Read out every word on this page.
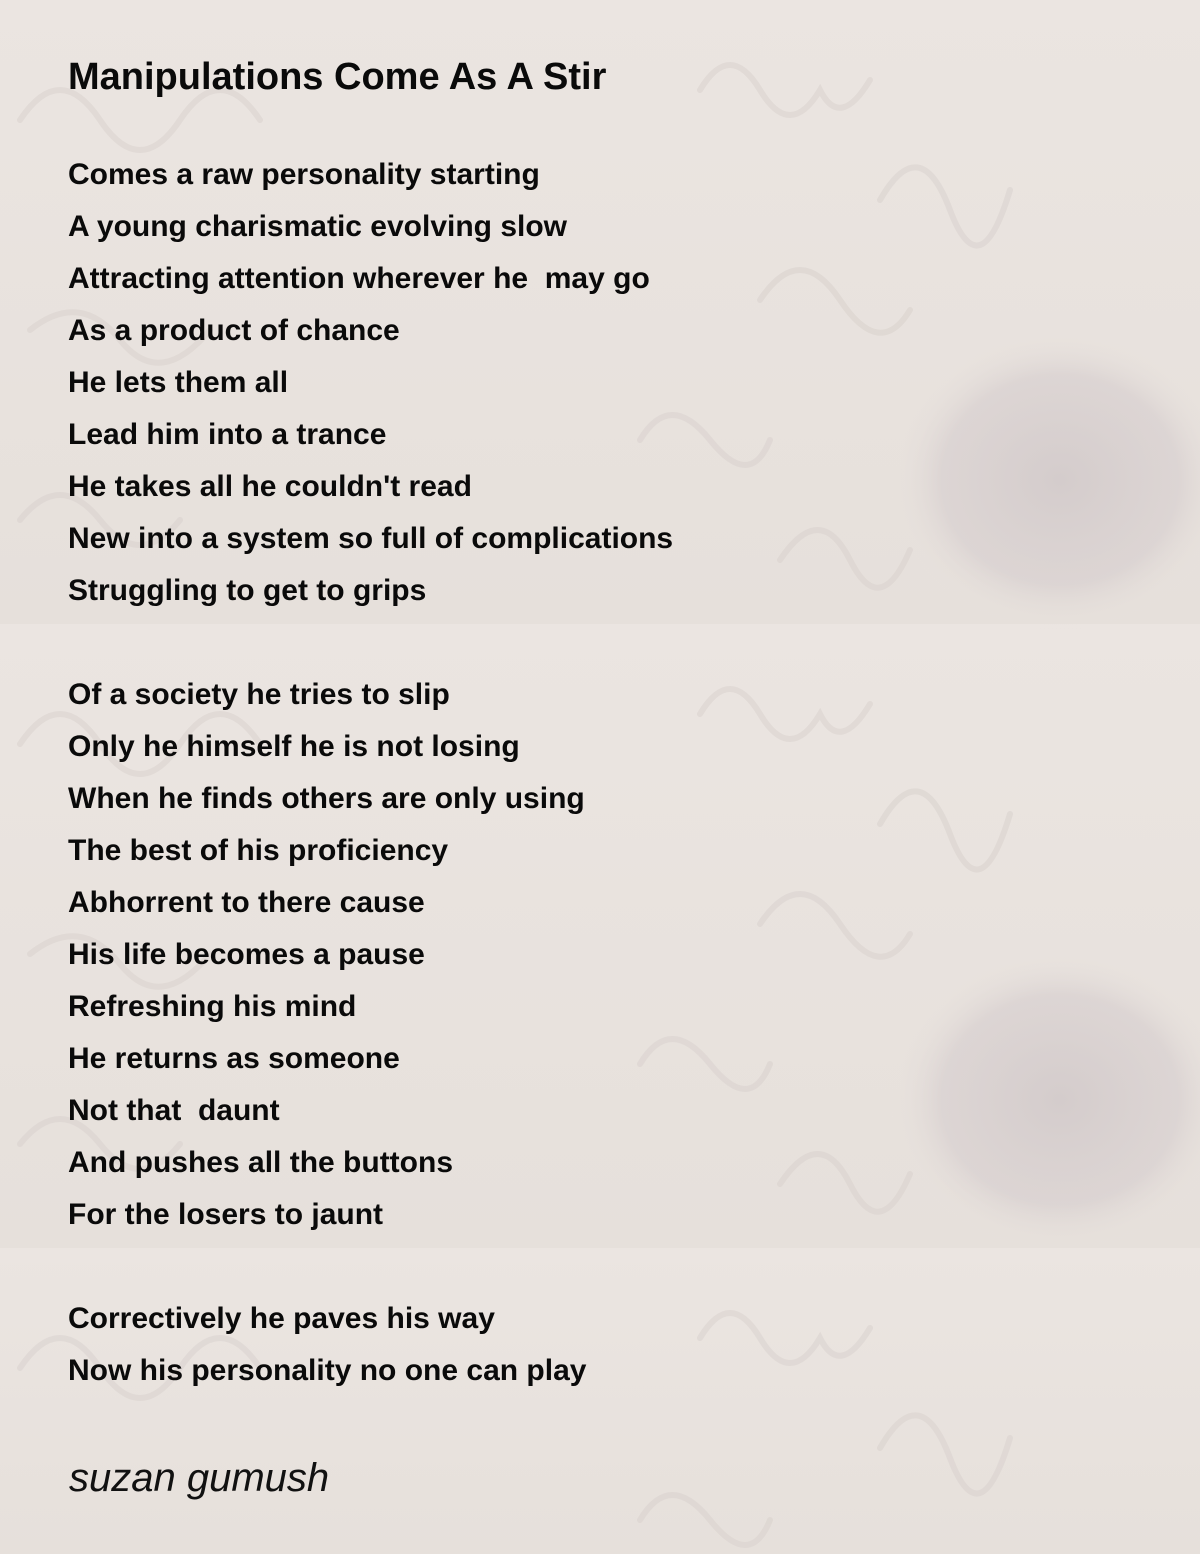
Manipulations Come As A Stir
Comes a raw personality starting
A young charismatic evolving slow
Attracting attention wherever he  may go
As a product of chance
He lets them all
Lead him into a trance
He takes all he couldn't read
New into a system so full of complications
Struggling to get to grips
Of a society he tries to slip
Only he himself he is not losing
When he finds others are only using
The best of his proficiency
Abhorrent to there cause
His life becomes a pause
Refreshing his mind
He returns as someone
Not that  daunt
And pushes all the buttons
For the losers to jaunt
Correctively he paves his way
Now his personality no one can play

suzan gumush
